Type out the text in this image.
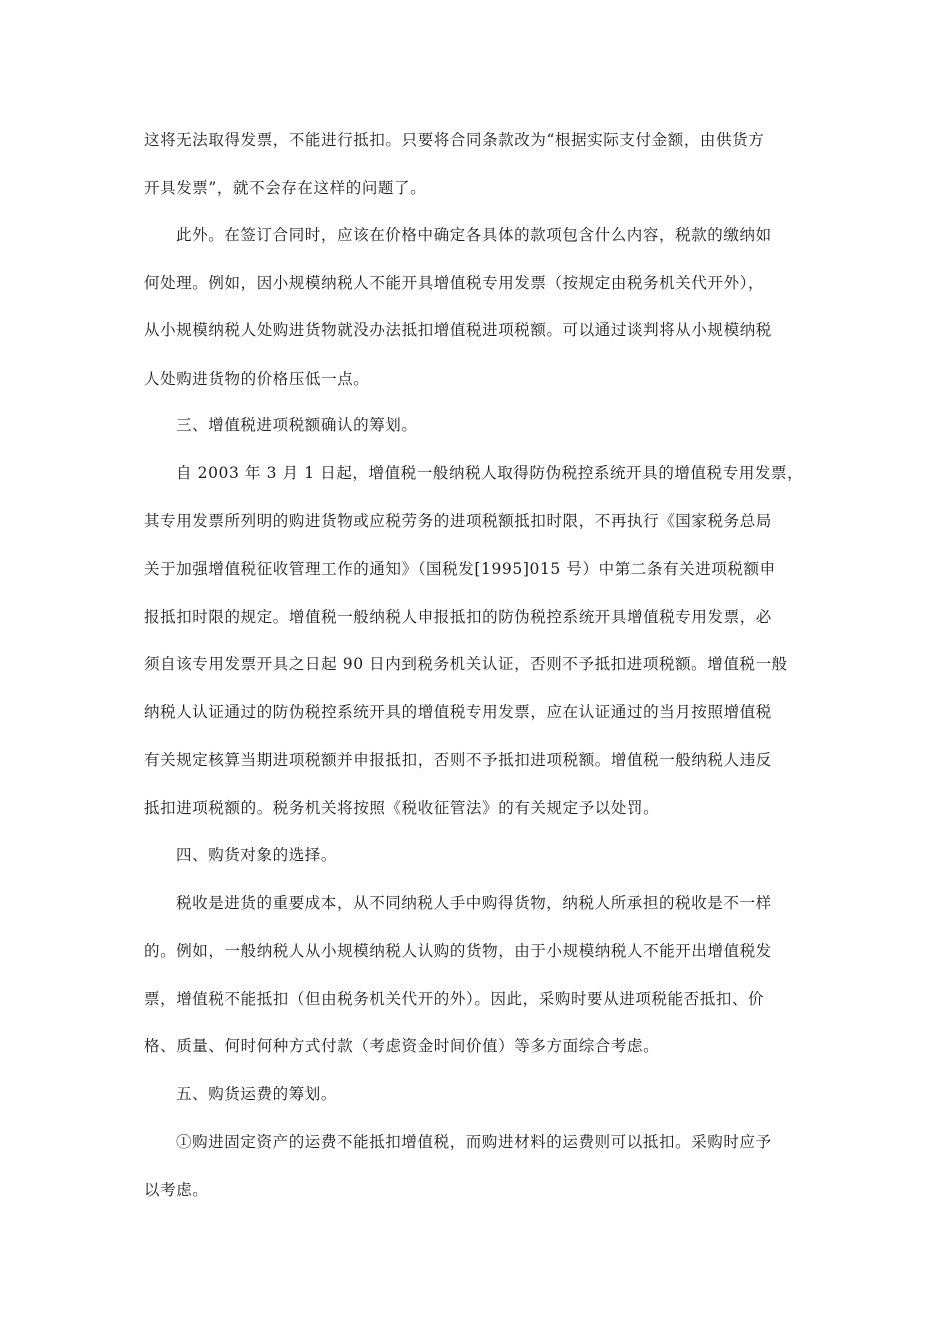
这将无法取得发票，不能进行抵扣。只要将合同条款改为“根据实际支付金额，由供货方
开具发票”，就不会存在这样的问题了。
此外。在签订合同时，应该在价格中确定各具体的款项包含什么内容，税款的缴纳如
何处理。例如，因小规模纳税人不能开具增值税专用发票（按规定由税务机关代开外），
从小规模纳税人处购进货物就没办法抵扣增值税进项税额。可以通过谈判将从小规模纳税
人处购进货物的价格压低一点。
三、增值税进项税额确认的筹划。
自 2003 年 3 月 1 日起，增值税一般纳税人取得防伪税控系统开具的增值税专用发票，
其专用发票所列明的购进货物或应税劳务的进项税额抵扣时限，不再执行《国家税务总局
关于加强增值税征收管理工作的通知》（国税发[1995]015 号）中第二条有关进项税额申
报抵扣时限的规定。增值税一般纳税人申报抵扣的防伪税控系统开具增值税专用发票，必
须自该专用发票开具之日起 90 日内到税务机关认证，否则不予抵扣进项税额。增值税一般
纳税人认证通过的防伪税控系统开具的增值税专用发票，应在认证通过的当月按照增值税
有关规定核算当期进项税额并申报抵扣，否则不予抵扣进项税额。增值税一般纳税人违反
抵扣进项税额的。税务机关将按照《税收征管法》的有关规定予以处罚。
四、购货对象的选择。
税收是进货的重要成本，从不同纳税人手中购得货物，纳税人所承担的税收是不一样
的。例如，一般纳税人从小规模纳税人认购的货物，由于小规模纳税人不能开出增值税发
票，增值税不能抵扣（但由税务机关代开的外）。因此，采购时要从进项税能否抵扣、价
格、质量、何时何种方式付款（考虑资金时间价值）等多方面综合考虑。
五、购货运费的筹划。
①购进固定资产的运费不能抵扣增值税，而购进材料的运费则可以抵扣。采购时应予
以考虑。
